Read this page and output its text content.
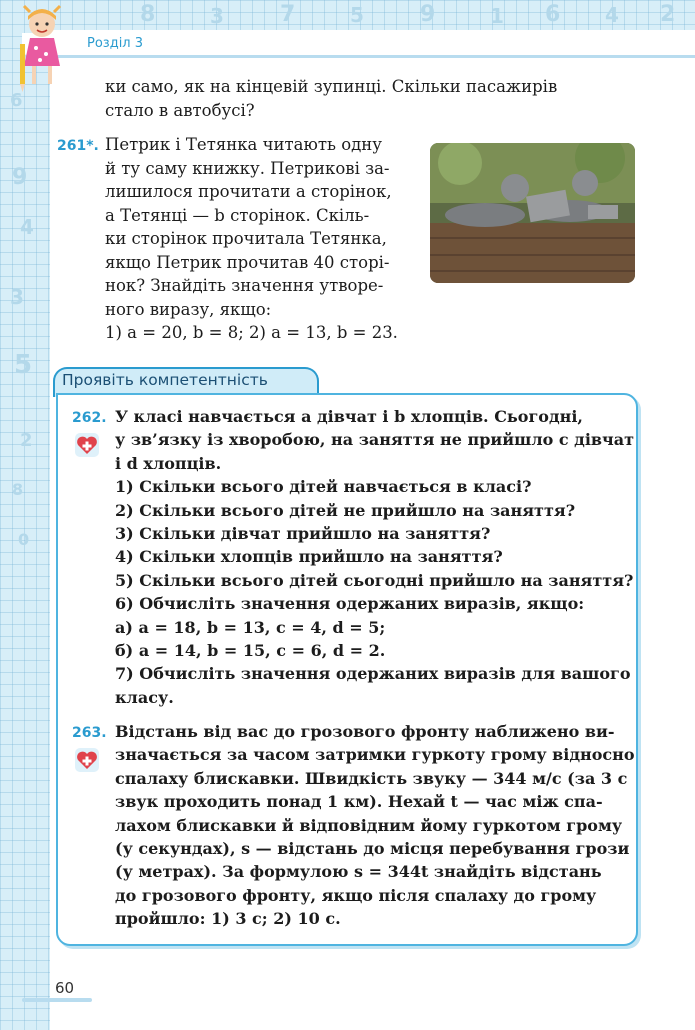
9
4
3
5
2
8
0
6
8	3	7	5	9	1 6 4 2
Розділ 3
ки само, як на кінцевій зупинці. Скільки пасажирів
стало в автобусі?
261*. Петрик і Тетянка читають одну
й ту саму книжку. Петрикові за-
лишилося прочитати a сторінок,
а Тетянці — b сторінок. Скіль-
ки сторінок прочитала Тетянка,
якщо Петрик прочитав 40 сторі-
нок? Знайдіть значення утворе-
ного виразу, якщо:
1) a = 20, b = 8; 2) a = 13, b = 23.
Проявіть компетентність
262. У класі навчається a дівчат і b хлопців. Сьогодні,
у зв’язку із хворобою, на заняття не прийшло c дівчат
і d хлопців.
1) Скільки всього дітей навчається в класі?
2) Скільки всього дітей не прийшло на заняття?
3) Скільки дівчат прийшло на заняття?
4) Скільки хлопців прийшло на заняття?
5) Скільки всього дітей сьогодні прийшло на заняття?
6) Обчисліть значення одержаних виразів, якщо:
а) a = 18, b = 13, c = 4, d = 5;
б) a = 14, b = 15, c = 6, d = 2.
7) Обчисліть значення одержаних виразів для вашого
класу.
263. Відстань від вас до грозового фронту наближено ви-
значається за часом затримки гуркоту грому відносно
спалаху блискавки. Швидкість звуку — 344 м/с (за 3 с
звук проходить понад 1 км). Нехай t — час між спа-
лахом блискавки й відповідним йому гуркотом грому
(у секундах), s — відстань до місця перебування грози
(у метрах). За формулою s = 344t знайдіть відстань
до грозового фронту, якщо після спалаху до грому
пройшло: 1) 3 с; 2) 10 с.
60
